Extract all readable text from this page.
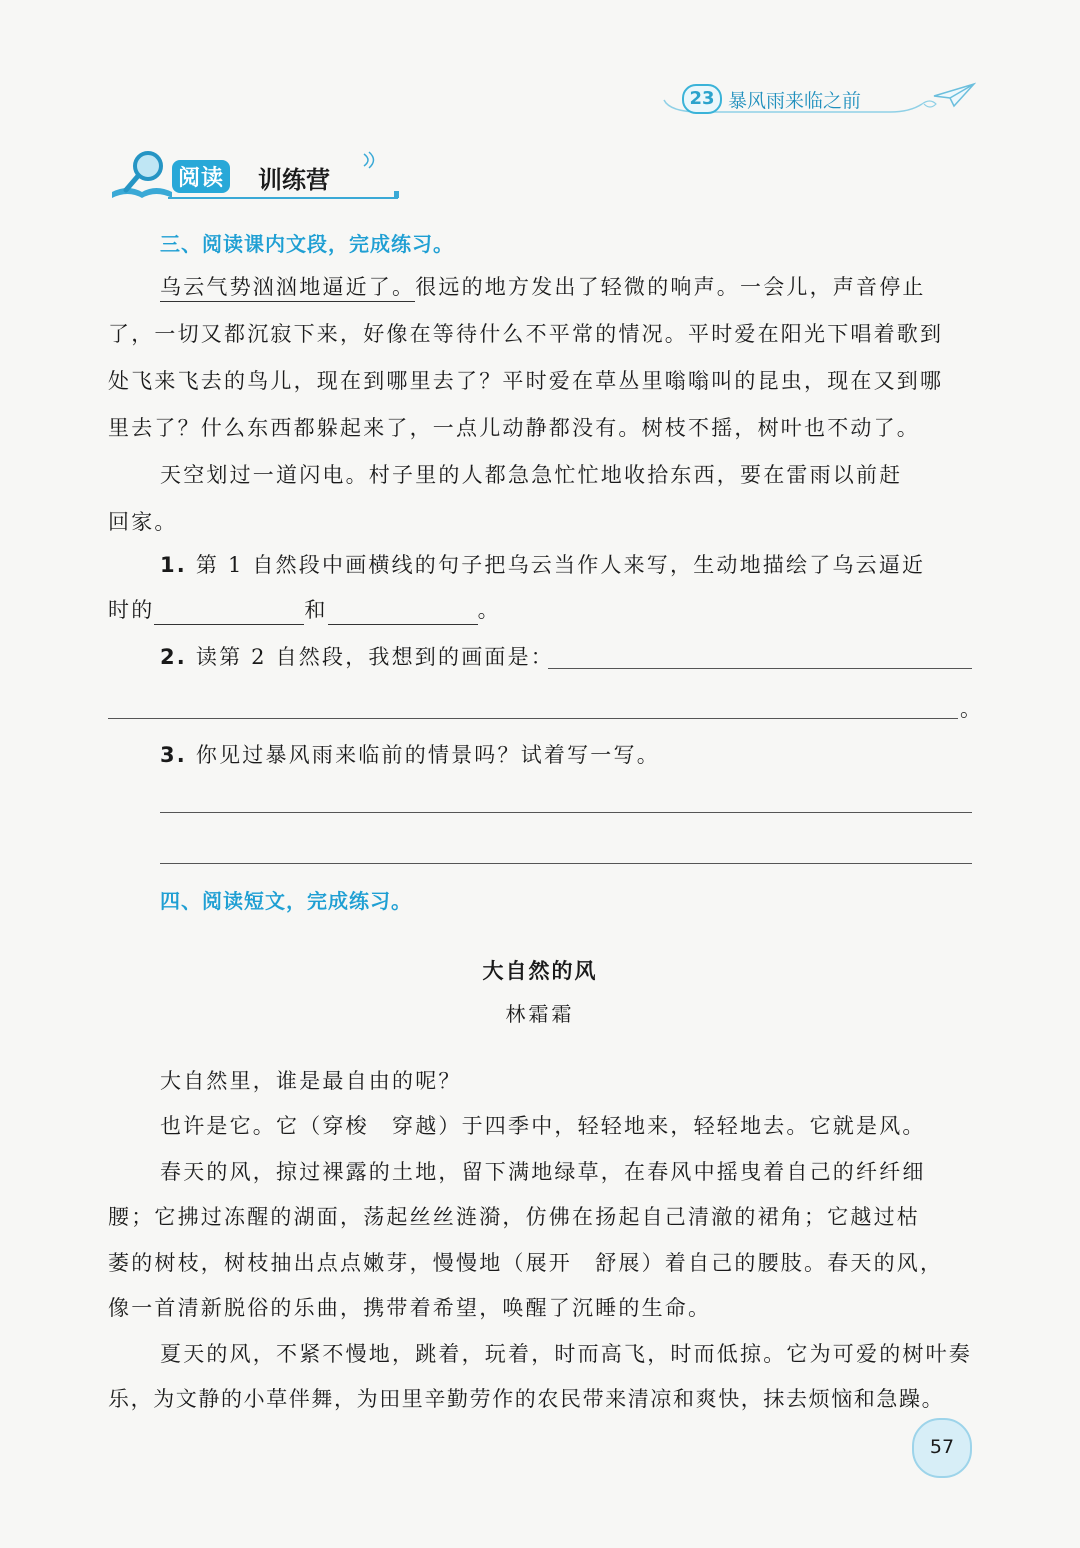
23 暴风雨来临之前
阅读 训练营
三、阅读课内文段，完成练习。
乌云气势汹汹地逼近了。很远的地方发出了轻微的响声。一会儿，声音停止
了，一切又都沉寂下来，好像在等待什么不平常的情况。平时爱在阳光下唱着歌到
处飞来飞去的鸟儿，现在到哪里去了？平时爱在草丛里嗡嗡叫的昆虫，现在又到哪
里去了？什么东西都躲起来了，一点儿动静都没有。树枝不摇，树叶也不动了。
天空划过一道闪电。村子里的人都急急忙忙地收拾东西，要在雷雨以前赶
回家。
1. 第 1 自然段中画横线的句子把乌云当作人来写，生动地描绘了乌云逼近
时的	和	。
2. 读第 2 自然段，我想到的画面是：
。
3. 你见过暴风雨来临前的情景吗？试着写一写。
四、阅读短文，完成练习。
大自然的风
林霜霜
大自然里，谁是最自由的呢？
也许是它。它（穿梭　穿越）于四季中，轻轻地来，轻轻地去。它就是风。
春天的风，掠过裸露的土地，留下满地绿草，在春风中摇曳着自己的纤纤细
腰；它拂过冻醒的湖面，荡起丝丝涟漪，仿佛在扬起自己清澈的裙角；它越过枯
萎的树枝，树枝抽出点点嫩芽，慢慢地（展开　舒展）着自己的腰肢。春天的风，
像一首清新脱俗的乐曲，携带着希望，唤醒了沉睡的生命。
夏天的风，不紧不慢地，跳着，玩着，时而高飞，时而低掠。它为可爱的树叶奏
乐，为文静的小草伴舞，为田里辛勤劳作的农民带来清凉和爽快，抹去烦恼和急躁。
57
